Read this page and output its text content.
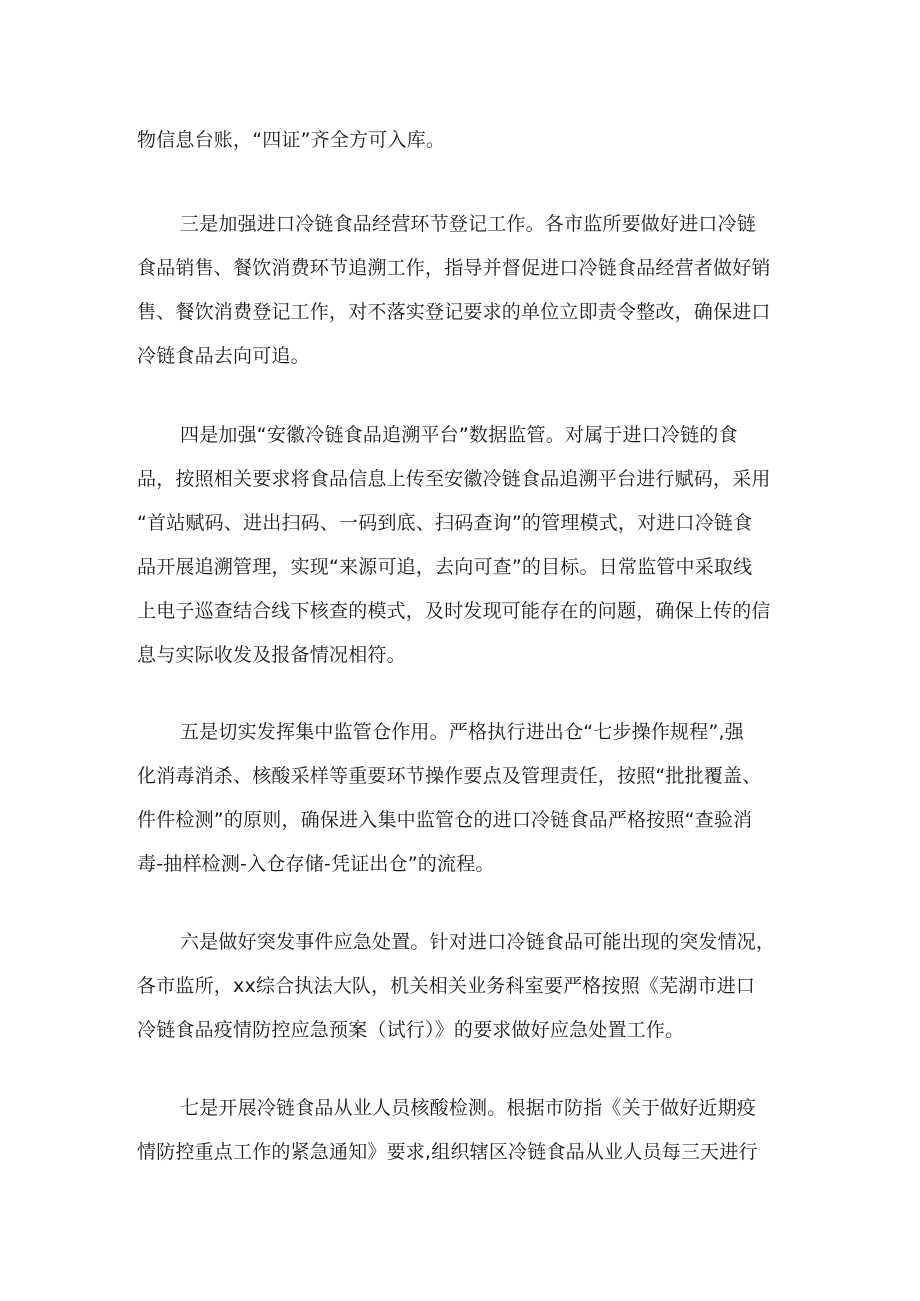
物信息台账，“四证”齐全方可入库。
三是加强进口冷链食品经营环节登记工作。各市监所要做好进口冷链
食品销售、餐饮消费环节追溯工作，指导并督促进口冷链食品经营者做好销
售、餐饮消费登记工作，对不落实登记要求的单位立即责令整改，确保进口
冷链食品去向可追。
四是加强“安徽冷链食品追溯平台”数据监管。对属于进口冷链的食
品，按照相关要求将食品信息上传至安徽冷链食品追溯平台进行赋码，采用
“首站赋码、进出扫码、一码到底、扫码查询”的管理模式，对进口冷链食
品开展追溯管理，实现“来源可追，去向可查”的目标。日常监管中采取线
上电子巡查结合线下核查的模式，及时发现可能存在的问题，确保上传的信
息与实际收发及报备情况相符。
五是切实发挥集中监管仓作用。严格执行进出仓“七步操作规程”,强
化消毒消杀、核酸采样等重要环节操作要点及管理责任，按照“批批覆盖、
件件检测”的原则，确保进入集中监管仓的进口冷链食品严格按照“查验消
毒-抽样检测-入仓存储-凭证出仓”的流程。
六是做好突发事件应急处置。针对进口冷链食品可能出现的突发情况，
各市监所，xx综合执法大队，机关相关业务科室要严格按照《芜湖市进口
冷链食品疫情防控应急预案（试行）》的要求做好应急处置工作。
七是开展冷链食品从业人员核酸检测。根据市防指《关于做好近期疫
情防控重点工作的紧急通知》要求,组织辖区冷链食品从业人员每三天进行
